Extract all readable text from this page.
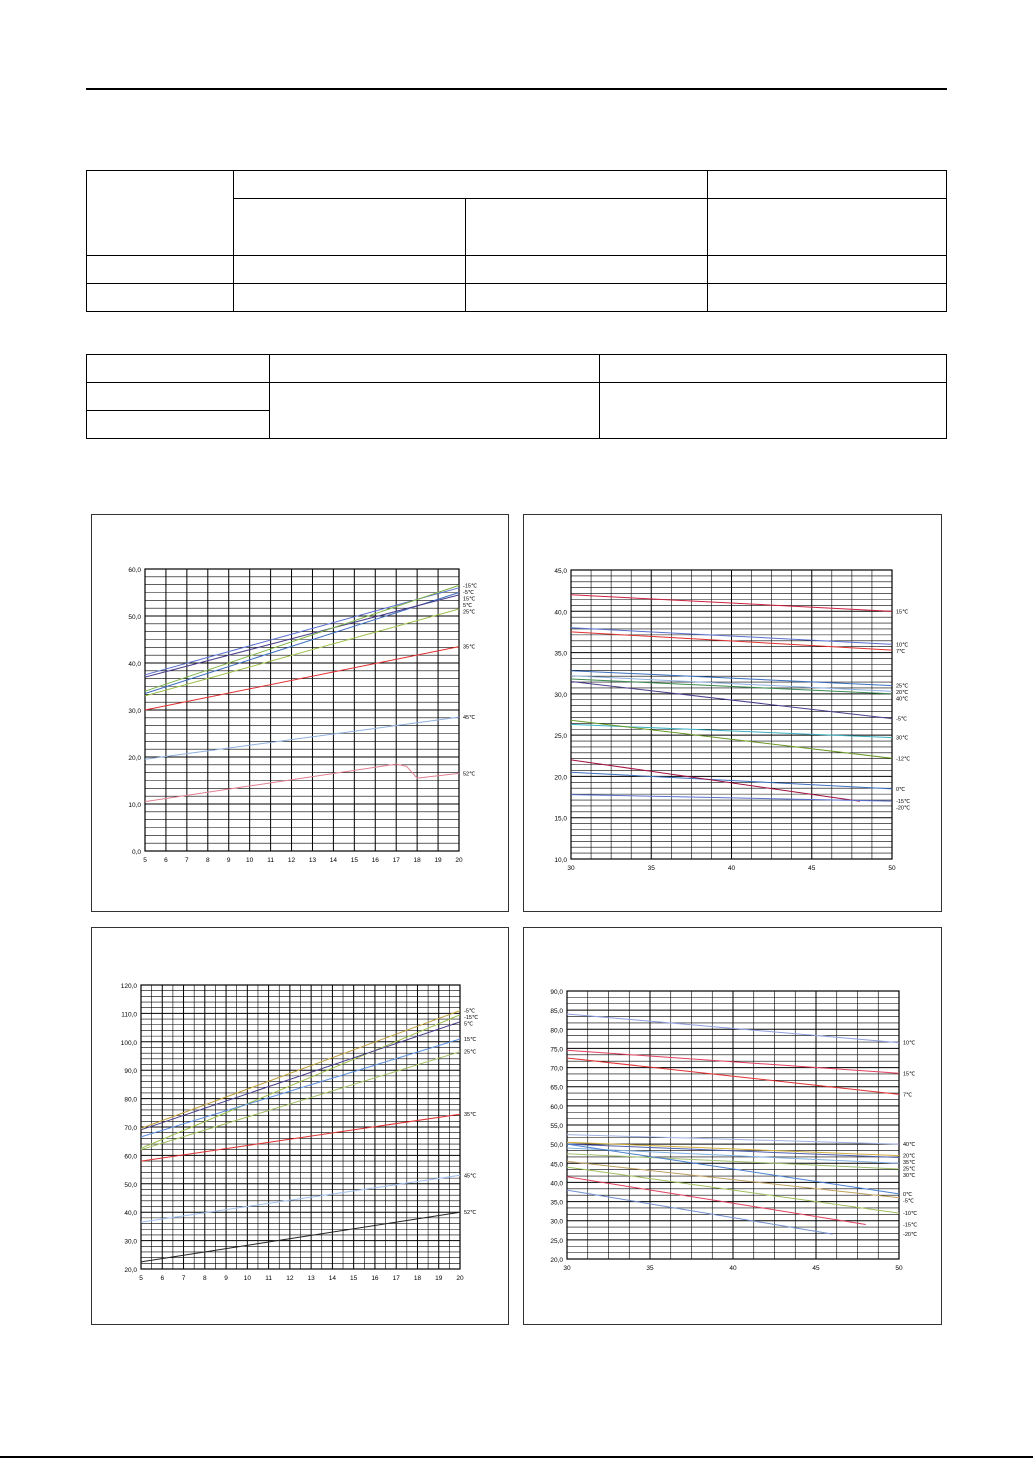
0,0
10,0
20,0
30,0
40,0
50,0
60,0
5	6	7	8	9 10 11 12 13 14 15 16 17 18 19 20
-15℃
-5℃
15℃
5℃
25℃
35℃
45℃
52℃
10,0
15,0
20,0
25,0
30,0
35,0
40,0
45,0
30	35	40	45	50
15℃
10℃
7℃
25℃
20℃
40℃
-5℃
30℃
-12℃
0℃
-15℃
-20℃
20,0
30,0
40,0
50,0
60,0
70,0
80,0
90,0
100,0
110,0
120,0
5	6	7	8	9 10 11 12 13 14 15 16 17 18 19 20
-5℃
-15℃
5℃
15℃
25℃
35℃
45℃
52℃
20,0
25,0
30,0
35,0
40,0
45,0
50,0
55,0
60,0
65,0
70,0
75,0
80,0
85,0
90,0
30	35	40	45	50
10℃
15℃
7℃
40℃
20℃
35℃
25℃
30℃
0℃
-5℃
-10℃
-15℃
-20℃
